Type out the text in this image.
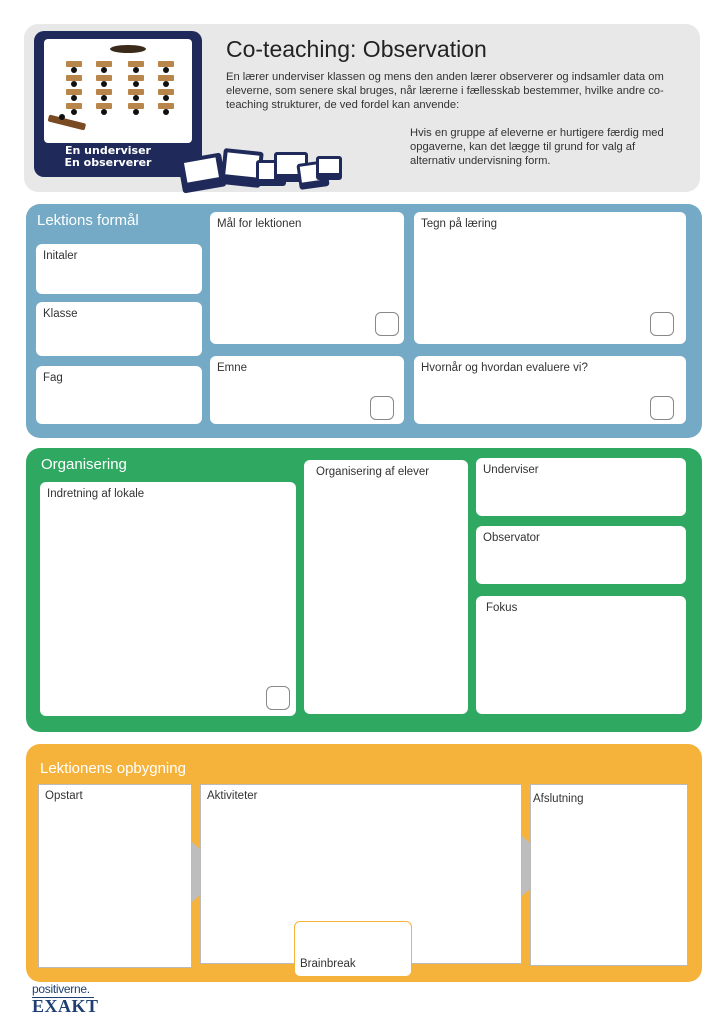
En underviser
En observerer
Co-teaching: Observation
En lærer underviser klassen og mens den anden lærer observerer og indsamler data om eleverne, som senere skal bruges, når lærerne i fællesskab bestemmer, hvilke andre co-teaching strukturer, de ved fordel kan anvende:
Hvis en gruppe af eleverne er hurtigere færdig med opgaverne, kan det lægge til grund for valg af alternativ undervisning form.
Lektions formål
Initaler
Klasse
Fag
Mål for lektionen	Tegn på læring
Emne	Hvornår og hvordan evaluere vi?
Organisering
Indretning af lokale
Organisering af elever	Underviser
Observator
Fokus
Lektionens opbygning
Opstart	Aktiviteter	Afslutning
Brainbreak
positiverne.
EXAKT
